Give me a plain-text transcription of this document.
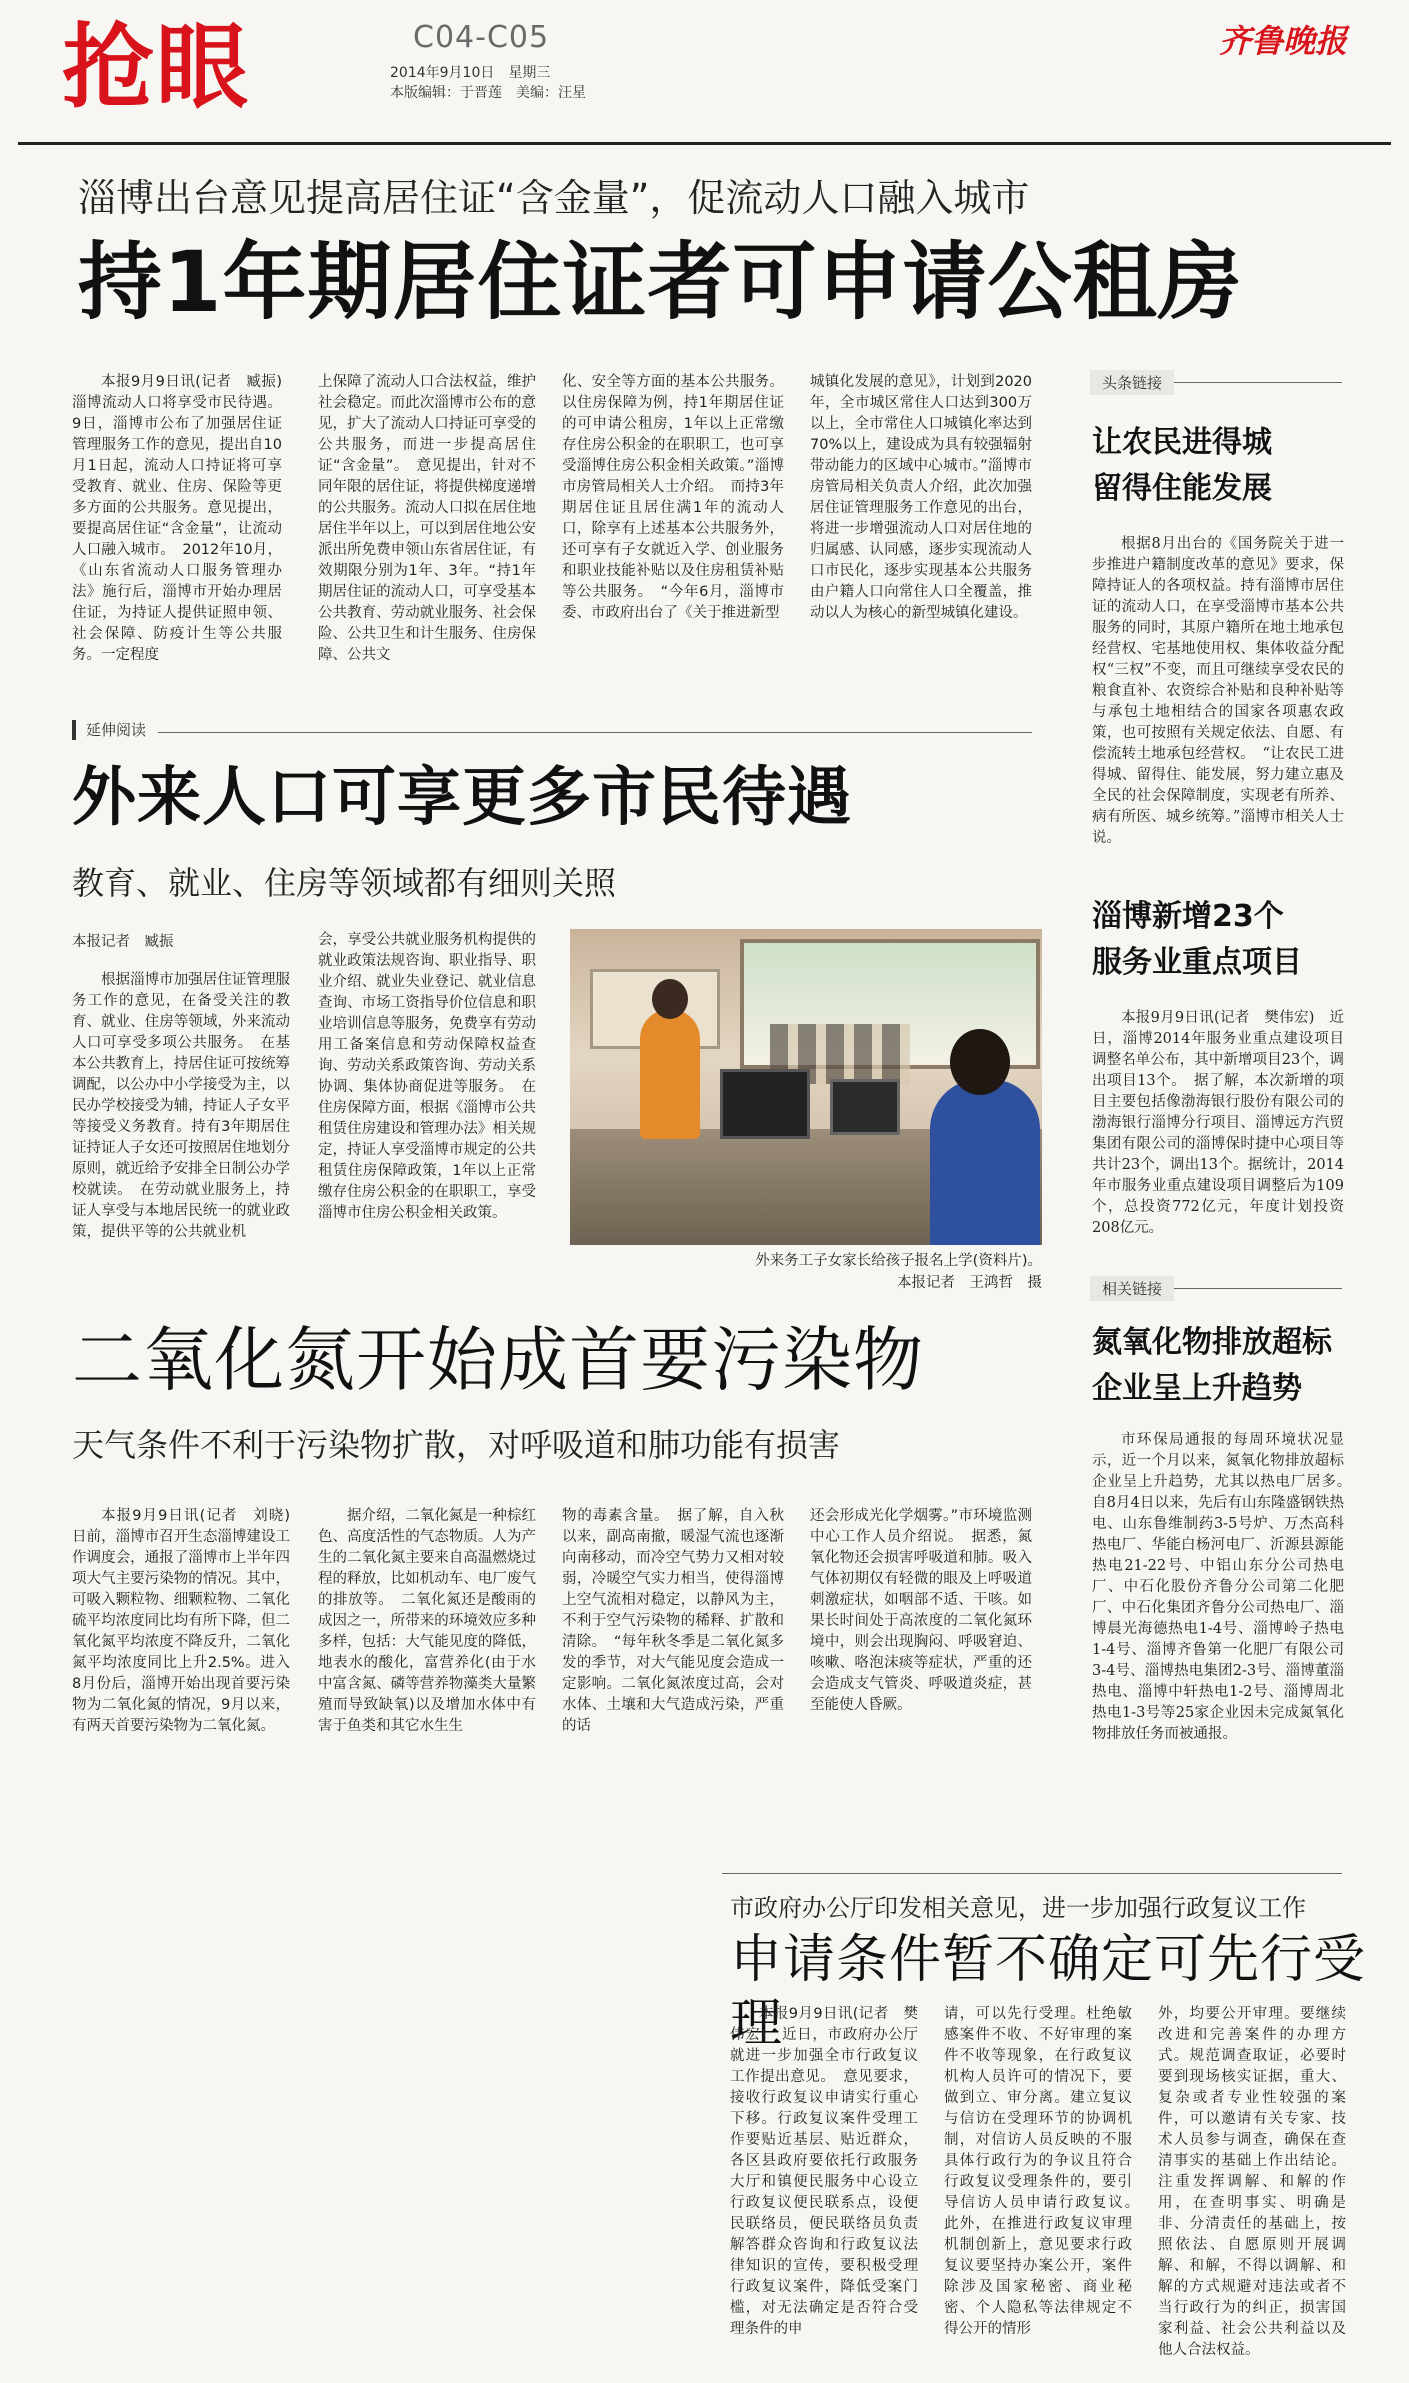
抢眼	C04-C05
2014年9月10日　星期三
本版编辑：于晋莲　美编：汪星
齐鲁晚报
淄博出台意见提高居住证“含金量”，促流动人口融入城市
持1年期居住证者可申请公租房
本报9月9日讯(记者　臧振)　淄博流动人口将享受市民待遇。9日，淄博市公布了加强居住证管理服务工作的意见，提出自10月1日起，流动人口持证将可享受教育、就业、住房、保险等更多方面的公共服务。意见提出，要提高居住证“含金量”，让流动人口融入城市。　2012年10月，《山东省流动人口服务管理办法》施行后，淄博市开始办理居住证，为持证人提供证照申领、社会保障、防疫计生等公共服务。一定程度
上保障了流动人口合法权益，维护社会稳定。而此次淄博市公布的意见，扩大了流动人口持证可享受的公共服务，而进一步提高居住证“含金量”。　意见提出，针对不同年限的居住证，将提供梯度递增的公共服务。流动人口拟在居住地居住半年以上，可以到居住地公安派出所免费申领山东省居住证，有效期限分别为1年、3年。“持1年期居住证的流动人口，可享受基本公共教育、劳动就业服务、社会保险、公共卫生和计生服务、住房保障、公共文
化、安全等方面的基本公共服务。以住房保障为例，持1年期居住证的可申请公租房，1年以上正常缴存住房公积金的在职职工，也可享受淄博住房公积金相关政策。”淄博市房管局相关人士介绍。　而持3年期居住证且居住满1年的流动人口，除享有上述基本公共服务外，还可享有子女就近入学、创业服务和职业技能补贴以及住房租赁补贴等公共服务。　“今年6月，淄博市委、市政府出台了《关于推进新型
城镇化发展的意见》，计划到2020年，全市城区常住人口达到300万以上，全市常住人口城镇化率达到70%以上，建设成为具有较强辐射带动能力的区域中心城市。”淄博市房管局相关负责人介绍，此次加强居住证管理服务工作意见的出台，将进一步增强流动人口对居住地的归属感、认同感，逐步实现流动人口市民化，逐步实现基本公共服务由户籍人口向常住人口全覆盖，推动以人为核心的新型城镇化建设。
延伸阅读
外来人口可享更多市民待遇
教育、就业、住房等领域都有细则关照
本报记者　臧振
根据淄博市加强居住证管理服务工作的意见，在备受关注的教育、就业、住房等领域，外来流动人口可享受多项公共服务。　在基本公共教育上，持居住证可按统筹调配，以公办中小学接受为主，以民办学校接受为辅，持证人子女平等接受义务教育。持有3年期居住证持证人子女还可按照居住地划分原则，就近给予安排全日制公办学校就读。　在劳动就业服务上，持证人享受与本地居民统一的就业政策，提供平等的公共就业机
会，享受公共就业服务机构提供的就业政策法规咨询、职业指导、职业介绍、就业失业登记、就业信息查询、市场工资指导价位信息和职业培训信息等服务，免费享有劳动用工备案信息和劳动保障权益查询、劳动关系政策咨询、劳动关系协调、集体协商促进等服务。　在住房保障方面，根据《淄博市公共租赁住房建设和管理办法》相关规定，持证人享受淄博市规定的公共租赁住房保障政策，1年以上正常缴存住房公积金的在职职工，享受淄博市住房公积金相关政策。
外来务工子女家长给孩子报名上学(资料片)。
本报记者　王鸿哲　摄
二氧化氮开始成首要污染物
天气条件不利于污染物扩散，对呼吸道和肺功能有损害
本报9月9日讯(记者　刘晓)　日前，淄博市召开生态淄博建设工作调度会，通报了淄博市上半年四项大气主要污染物的情况。其中，可吸入颗粒物、细颗粒物、二氧化硫平均浓度同比均有所下降，但二氧化氮平均浓度不降反升，二氧化氮平均浓度同比上升2.5%。进入8月份后，淄博开始出现首要污染物为二氧化氮的情况，9月以来，有两天首要污染物为二氧化氮。
据介绍，二氧化氮是一种棕红色、高度活性的气态物质。人为产生的二氧化氮主要来自高温燃烧过程的释放，比如机动车、电厂废气的排放等。　二氧化氮还是酸雨的成因之一，所带来的环境效应多种多样，包括：大气能见度的降低，地表水的酸化，富营养化(由于水中富含氮、磷等营养物藻类大量繁殖而导致缺氧)以及增加水体中有害于鱼类和其它水生生
物的毒素含量。　据了解，自入秋以来，副高南撤，暖湿气流也逐渐向南移动，而冷空气势力又相对较弱，冷暖空气实力相当，使得淄博上空气流相对稳定，以静风为主，不利于空气污染物的稀释、扩散和清除。　“每年秋冬季是二氧化氮多发的季节，对大气能见度会造成一定影响。二氧化氮浓度过高，会对水体、土壤和大气造成污染，严重的话
还会形成光化学烟雾。”市环境监测中心工作人员介绍说。　据悉，氮氧化物还会损害呼吸道和肺。吸入气体初期仅有轻微的眼及上呼吸道刺激症状，如咽部不适、干咳。如果长时间处于高浓度的二氧化氮环境中，则会出现胸闷、呼吸窘迫、咳嗽、咯泡沫痰等症状，严重的还会造成支气管炎、呼吸道炎症，甚至能使人昏厥。
市政府办公厅印发相关意见，进一步加强行政复议工作
申请条件暂不确定可先行受理
本报9月9日讯(记者　樊伟宏)　近日，市政府办公厅就进一步加强全市行政复议工作提出意见。　意见要求，接收行政复议申请实行重心下移。行政复议案件受理工作要贴近基层、贴近群众，各区县政府要依托行政服务大厅和镇便民服务中心设立行政复议便民联系点，设便民联络员，便民联络员负责解答群众咨询和行政复议法律知识的宣传，要积极受理行政复议案件，降低受案门槛，对无法确定是否符合受理条件的申
请，可以先行受理。杜绝敏感案件不收、不好审理的案件不收等现象，在行政复议机构人员许可的情况下，要做到立、审分离。建立复议与信访在受理环节的协调机制，对信访人员反映的不服具体行政行为的争议且符合行政复议受理条件的，要引导信访人员申请行政复议。　此外，在推进行政复议审理机制创新上，意见要求行政复议要坚持办案公开，案件除涉及国家秘密、商业秘密、个人隐私等法律规定不得公开的情形
外，均要公开审理。要继续改进和完善案件的办理方式。规范调查取证，必要时要到现场核实证据，重大、复杂或者专业性较强的案件，可以邀请有关专家、技术人员参与调查，确保在查清事实的基础上作出结论。注重发挥调解、和解的作用，在查明事实、明确是非、分清责任的基础上，按照依法、自愿原则开展调解、和解，不得以调解、和解的方式规避对违法或者不当行政行为的纠正，损害国家利益、社会公共利益以及他人合法权益。
头条链接
让农民进得城
留得住能发展
根据8月出台的《国务院关于进一步推进户籍制度改革的意见》要求，保障持证人的各项权益。持有淄博市居住证的流动人口，在享受淄博市基本公共服务的同时，其原户籍所在地土地承包经营权、宅基地使用权、集体收益分配权“三权”不变，而且可继续享受农民的粮食直补、农资综合补贴和良种补贴等与承包土地相结合的国家各项惠农政策，也可按照有关规定依法、自愿、有偿流转土地承包经营权。　“让农民工进得城、留得住、能发展，努力建立惠及全民的社会保障制度，实现老有所养、病有所医、城乡统筹。”淄博市相关人士说。
淄博新增23个
服务业重点项目
本报9月9日讯(记者　樊伟宏)　近日，淄博2014年服务业重点建设项目调整名单公布，其中新增项目23个，调出项目13个。　据了解，本次新增的项目主要包括像渤海银行股份有限公司的渤海银行淄博分行项目、淄博远方汽贸集团有限公司的淄博保时捷中心项目等共计23个，调出13个。据统计，2014年市服务业重点建设项目调整后为109个，总投资772亿元，年度计划投资208亿元。
相关链接
氮氧化物排放超标
企业呈上升趋势
市环保局通报的每周环境状况显示，近一个月以来，氮氧化物排放超标企业呈上升趋势，尤其以热电厂居多。　自8月4日以来，先后有山东隆盛钢铁热电、山东鲁维制药3-5号炉、万杰高科热电厂、华能白杨河电厂、沂源县源能热电21-22号、中铝山东分公司热电厂、中石化股份齐鲁分公司第二化肥厂、中石化集团齐鲁分公司热电厂、淄博晨光海德热电1-4号、淄博岭子热电1-4号、淄博齐鲁第一化肥厂有限公司3-4号、淄博热电集团2-3号、淄博董淄热电、淄博中轩热电1-2号、淄博周北热电1-3号等25家企业因未完成氮氧化物排放任务而被通报。
